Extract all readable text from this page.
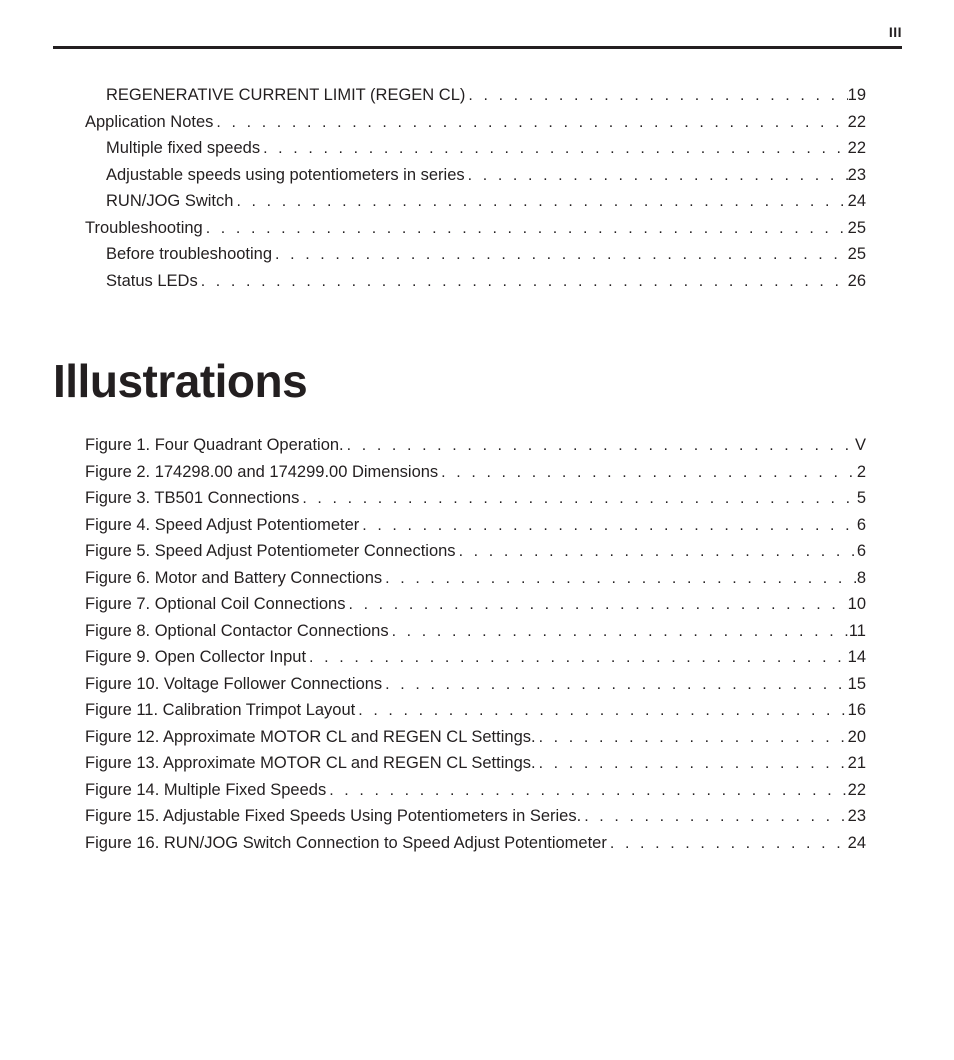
III
REGENERATIVE CURRENT LIMIT (REGEN CL) . . .	19
Application Notes . . .	22
Multiple fixed speeds . . .	22
Adjustable speeds using potentiometers in series . . .	23
RUN/JOG Switch . . .	24
Troubleshooting . . .	25
Before troubleshooting . . .	25
Status LEDs . . .	26
Illustrations
Figure 1. Four Quadrant Operation. . . .	V
Figure 2. 174298.00 and 174299.00 Dimensions . . .	2
Figure 3. TB501 Connections . . .	5
Figure 4. Speed Adjust Potentiometer . . .	6
Figure 5. Speed Adjust Potentiometer Connections . . .	6
Figure 6. Motor and Battery Connections . . .	8
Figure 7. Optional Coil Connections . . .	10
Figure 8. Optional Contactor Connections . . .	11
Figure 9. Open Collector Input . . .	14
Figure 10. Voltage Follower Connections . . .	15
Figure 11. Calibration Trimpot Layout . . .	16
Figure 12. Approximate MOTOR CL and REGEN CL Settings. . . .	20
Figure 13. Approximate MOTOR CL and REGEN CL Settings. . . .	21
Figure 14. Multiple Fixed Speeds . . .	22
Figure 15. Adjustable Fixed Speeds Using Potentiometers in Series. . . .	23
Figure 16. RUN/JOG Switch Connection to Speed Adjust Potentiometer . . .	24
